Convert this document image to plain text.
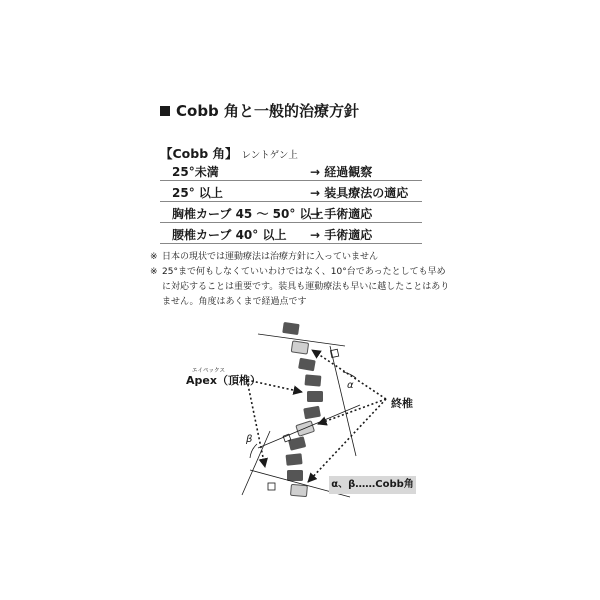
Cobb 角と一般的治療方針
【Cobb 角】 レントゲン上
25°未満	→ 経過観察
25° 以上	→ 装具療法の適応
胸椎カーブ 45 〜 50° 以上
→ 手術適応
腰椎カーブ 40° 以上 → 手術適応
※ 日本の現状では運動療法は治療方針に入っていません
※ 25°まで何もしなくていいわけではなく、10°台であったとしても早めに対応することは重要です。装具も運動療法も早いに越したことはありません。角度はあくまで経過点です
エイペックス
Apex（頂椎）
終椎
α
β
α、β……Cobb角
